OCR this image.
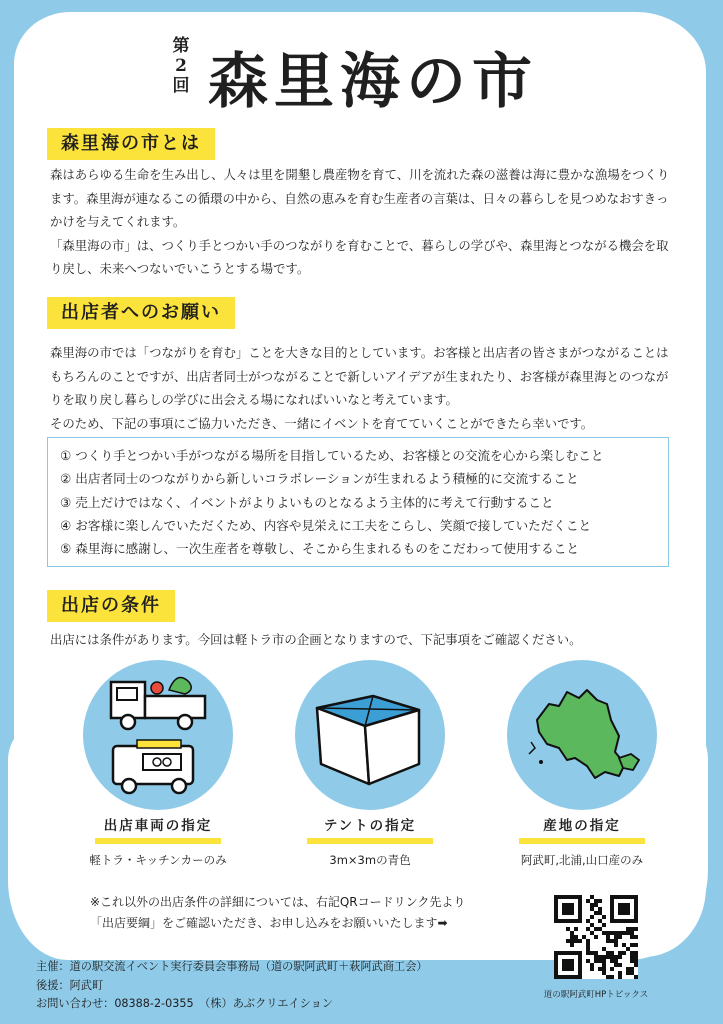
第2回 森里海の市
森里海の市とは

森はあらゆる生命を生み出し、人々は里を開墾し農産物を育て、川を流れた森の滋養は海に豊かな漁場をつくります。森里海が連なるこの循環の中から、自然の恵みを育む生産者の言葉は、日々の暮らしを見つめなおすきっかけを与えてくれます。

「森里海の市」は、つくり手とつかい手のつながりを育むことで、暮らしの学びや、森里海とつながる機会を取り戻し、未来へつないでいこうとする場です。

出店者へのお願い

森里海の市では「つながりを育む」ことを大きな目的としています。お客様と出店者の皆さまがつながることはもちろんのことですが、出店者同士がつながることで新しいアイデアが生まれたり、お客様が森里海とのつながりを取り戻し暮らしの学びに出会える場になればいいなと考えています。

そのため、下記の事項にご協力いただき、一緒にイベントを育てていくことができたら幸いです。

① つくり手とつかい手がつながる場所を目指しているため、お客様との交流を心から楽しむこと
② 出店者同士のつながりから新しいコラボレーションが生まれるよう積極的に交流すること
③ 売上だけではなく、イベントがよりよいものとなるよう主体的に考えて行動すること
④ お客様に楽しんでいただくため、内容や見栄えに工夫をこらし、笑顔で接していただくこと
⑤ 森里海に感謝し、一次生産者を尊敬し、そこから生まれるものをこだわって使用すること
出店の条件
出店には条件があります。今回は軽トラ市の企画となりますので、下記事項をご確認ください。
出店車両の指定
軽トラ・キッチンカーのみ
テントの指定
3m×3mの青色
産地の指定
阿武町,北浦,山口産のみ
※これ以外の出店条件の詳細については、右記QRコードリンク先より
「出店要綱」をご確認いただき、お申し込みをお願いいたします➡
主催：道の駅交流イベント実行委員会事務局（道の駅阿武町＋萩阿武商工会）
後援：阿武町
お問い合わせ：08388-2-0355　（株）あぶクリエイション
道の駅阿武町HPトピックス
